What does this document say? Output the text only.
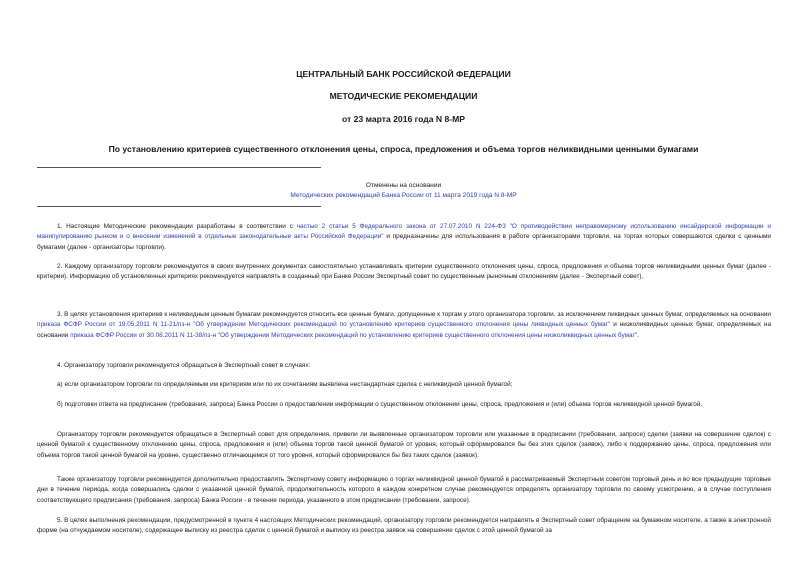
ЦЕНТРАЛЬНЫЙ БАНК РОССИЙСКОЙ ФЕДЕРАЦИИ
МЕТОДИЧЕСКИЕ РЕКОМЕНДАЦИИ
от 23 марта 2016 года N 8-МР
По установлению критериев существенного отклонения цены, спроса, предложения и объема торгов неликвидными ценными бумагами
Отменены на основании
Методических рекомендаций Банка России от 11 марта 2019 года N 8-МР

1. Настоящие Методические рекомендации разработаны в соответствии с частью 2 статьи 5 Федерального закона от 27.07.2010 N 224-ФЗ "О противодействии неправомерному использованию инсайдерской информации и манипулированию рынком и о внесении изменений в отдельные законодательные акты Российской Федерации" и предназначены для использования в работе организаторами торговли, на торгах которых совершаются сделки с ценными бумагами (далее - организаторы торговли).

2. Каждому организатору торговли рекомендуется в своих внутренних документах самостоятельно устанавливать критерии существенного отклонения цены, спроса, предложения и объема торгов неликвидными ценных бумаг (далее - критерии). Информацию об установленных критериях рекомендуется направлять в созданный при Банке России Экспертный совет по существенным рыночным отклонениям (далее - Экспертный совет).

3. В целях установления критериев к неликвидным ценным бумагам рекомендуется относить все ценные бумаги, допущенные к торгам у этого организатора торговли, за исключением ликвидных ценных бумаг, определяемых на основании приказа ФСФР России от 19.05.2011 N 11-21/пз-н "Об утверждении Методических рекомендаций по установлению критериев существенного отклонения цены ликвидных ценных бумаг" и низколиквидных ценных бумаг, определяемых на основании приказа ФСФР России от 30.08.2011 N 11-38/пз-н "Об утверждении Методических рекомендаций по установлению критериев существенного отклонения цены низколиквидных ценных бумаг".

4. Организатору торговли рекомендуется обращаться в Экспертный совет в случаях:

а) если организатором торговли по определяемым им критериям или по их сочетаниям выявлена нестандартная сделка с неликвидной ценной бумагой;

б) подготовки ответа на предписание (требования, запроса) Банка России о предоставлении информации о существенном отклонении цены, спроса, предложения и (или) объема торгов неликвидной ценной бумагой.

Организатору торговли рекомендуется обращаться в Экспертный совет для определения, привели ли выявленные организатором торговли или указанные в предписании (требовании, запросе) сделки (заявки на совершение сделок) с ценной бумагой к существенному отклонению цены, спроса, предложения и (или) объема торгов такой ценной бумагой от уровня, который сформировался бы без этих сделок (заявок), либо к поддержанию цены, спроса, предложения или объема торгов такой ценной бумагой на уровне, существенно отличающемся от того уровня, который сформировался бы без таких сделок (заявок).

Также организатору торговли рекомендуется дополнительно предоставлять Экспертному совету информацию о торгах неликвидной ценной бумагой в рассматриваемый Экспертным советом торговый день и во все предыдущие торговые дни в течение периода, когда совершались сделки с указанной ценной бумагой, продолжительность которого в каждом конкретном случае рекомендуется определять организатору торговли по своему усмотрению, а в случае поступления соответствующего предписания (требования, запроса) Банка России - в течение периода, указанного в этом предписании (требовании, запросе).

5. В целях выполнения рекомендации, предусмотренной в пункте 4 настоящих Методических рекомендаций, организатору торговли рекомендуется направлять в Экспертный совет обращение на бумажном носителе, а также в электронной форме (на отчуждаемом носителе), содержащее выписку из реестра сделок с ценной бумагой и выписку из реестра заявок на совершение сделок с этой ценной бумагой за
